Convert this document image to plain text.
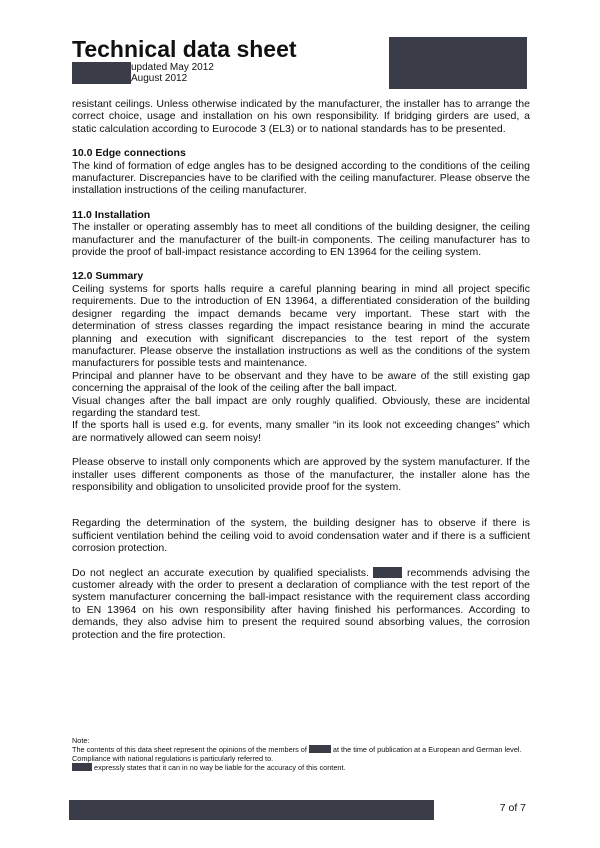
Technical data sheet
updated May 2012
August 2012

resistant ceilings. Unless otherwise indicated by the manufacturer, the installer has to arrange the correct choice, usage and installation on his own responsibility. If bridging girders are used, a static calculation according to Eurocode 3 (EL3) or to national standards has to be presented.

10.0 Edge connections

The kind of formation of edge angles has to be designed according to the conditions of the ceiling manufacturer. Discrepancies have to be clarified with the ceiling manufacturer. Please observe the installation instructions of the ceiling manufacturer.

11.0 Installation

The installer or operating assembly has to meet all conditions of the building designer, the ceiling manufacturer and the manufacturer of the built-in components. The ceiling manufacturer has to provide the proof of ball-impact resistance according to EN 13964 for the ceiling system.

12.0 Summary

Ceiling systems for sports halls require a careful planning bearing in mind all project specific requirements. Due to the introduction of EN 13964, a differentiated consideration of the building designer regarding the impact demands became very important. These start with the determination of stress classes regarding the impact resistance bearing in mind the accurate planning and execution with significant discrepancies to the test report of the system manufacturer. Please observe the installation instructions as well as the conditions of the system manufacturers for possible tests and maintenance.

Principal and planner have to be observant and they have to be aware of the still existing gap concerning the appraisal of the look of the ceiling after the ball impact.

Visual changes after the ball impact are only roughly qualified. Obviously, these are incidental regarding the standard test.

If the sports hall is used e.g. for events, many smaller “in its look not exceeding changes” which are normatively allowed can seem noisy!

Please observe to install only components which are approved by the system manufacturer. If the installer uses different components as those of the manufacturer, the installer alone has the responsibility and obligation to unsolicited provide proof for the system.

Regarding the determination of the system, the building designer has to observe if there is sufficient ventilation behind the ceiling void to avoid condensation water and if there is a sufficient corrosion protection.

Do not neglect an accurate execution by qualified specialists.	recommends advising the customer already with the order to present a declaration of compliance with the test report of the system manufacturer concerning the ball-impact resistance with the requirement class according to EN 13964 on his own responsibility after having finished his performances. According to demands, they also advise him to present the required sound absorbing values, the corrosion protection and the fire protection.

Note:

The contents of this data sheet represent the opinions of the members of	at the time of publication at a European and German level.

Compliance with national regulations is particularly referred to.

expressly states that it can in no way be liable for the accuracy of this content.

7 of 7
